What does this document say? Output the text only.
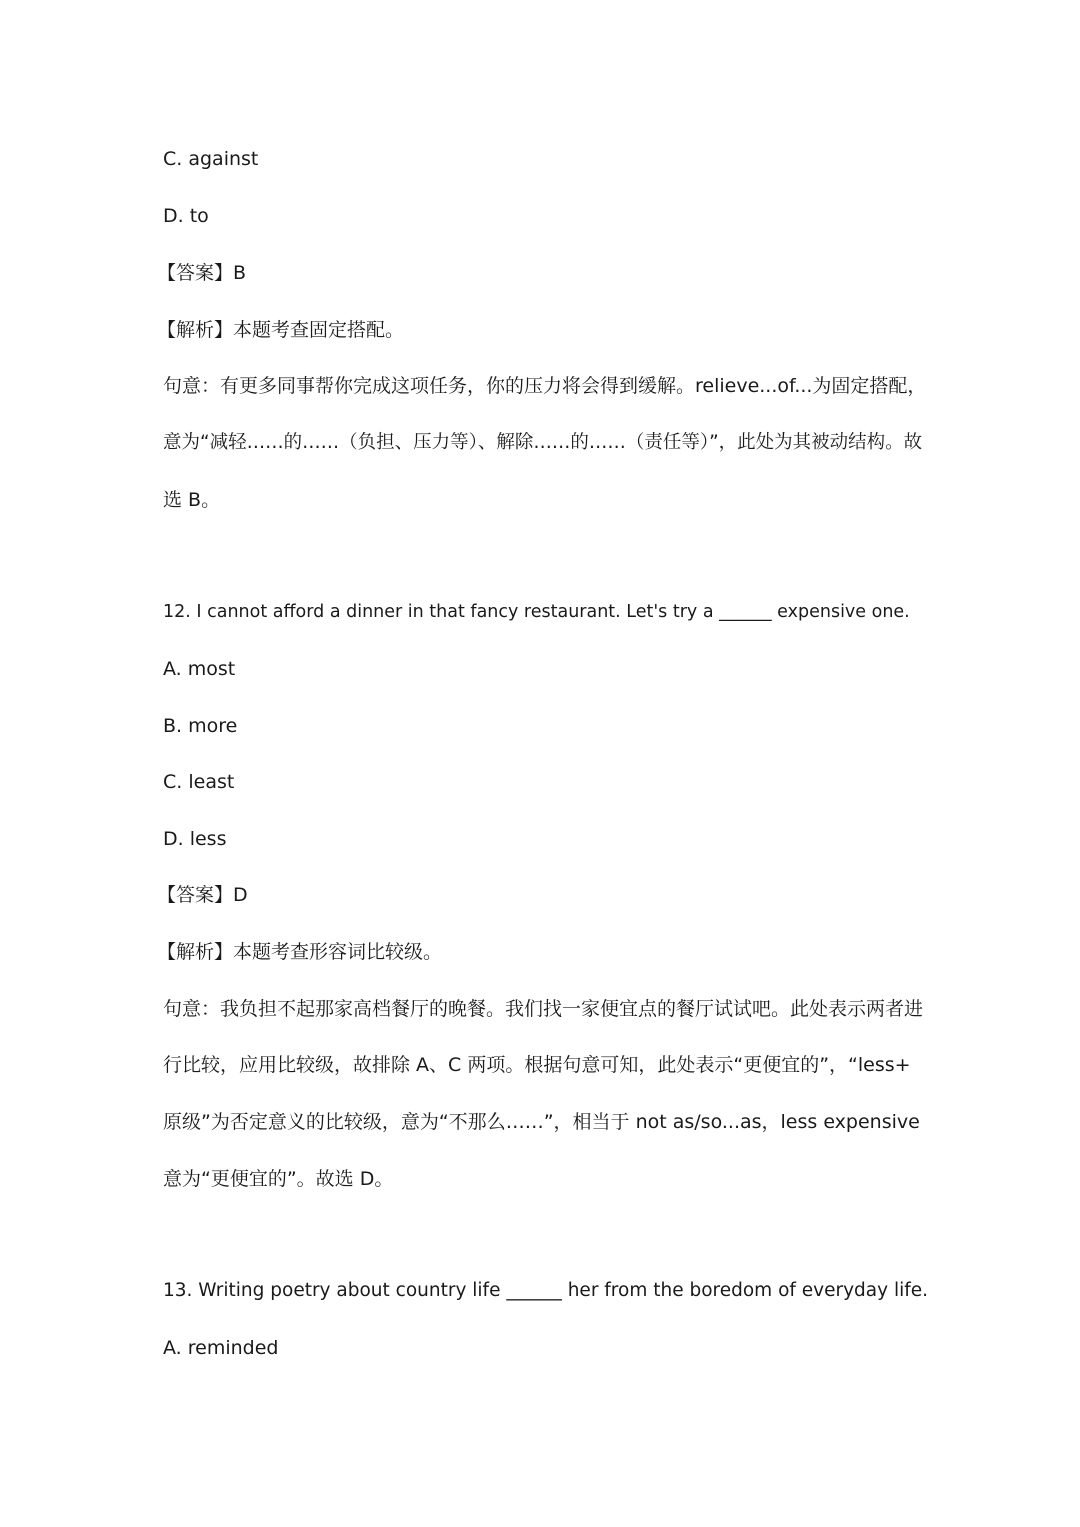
C. against
D. to
【答案】B
【解析】本题考查固定搭配。
句意：有更多同事帮你完成这项任务，你的压力将会得到缓解。relieve...of...为固定搭配，
意为“减轻……的……（负担、压力等）、解除……的……（责任等）”，此处为其被动结构。故
选 B。
12. I cannot afford a dinner in that fancy restaurant. Let's try a ______ expensive one.
A. most
B. more
C. least
D. less
【答案】D
【解析】本题考查形容词比较级。
句意：我负担不起那家高档餐厅的晚餐。我们找一家便宜点的餐厅试试吧。此处表示两者进
行比较，应用比较级，故排除 A、C 两项。根据句意可知，此处表示“更便宜的”，“less+
原级”为否定意义的比较级，意为“不那么……”，相当于 not as/so...as，less expensive
意为“更便宜的”。故选 D。
13. Writing poetry about country life ______ her from the boredom of everyday life.
A. reminded
